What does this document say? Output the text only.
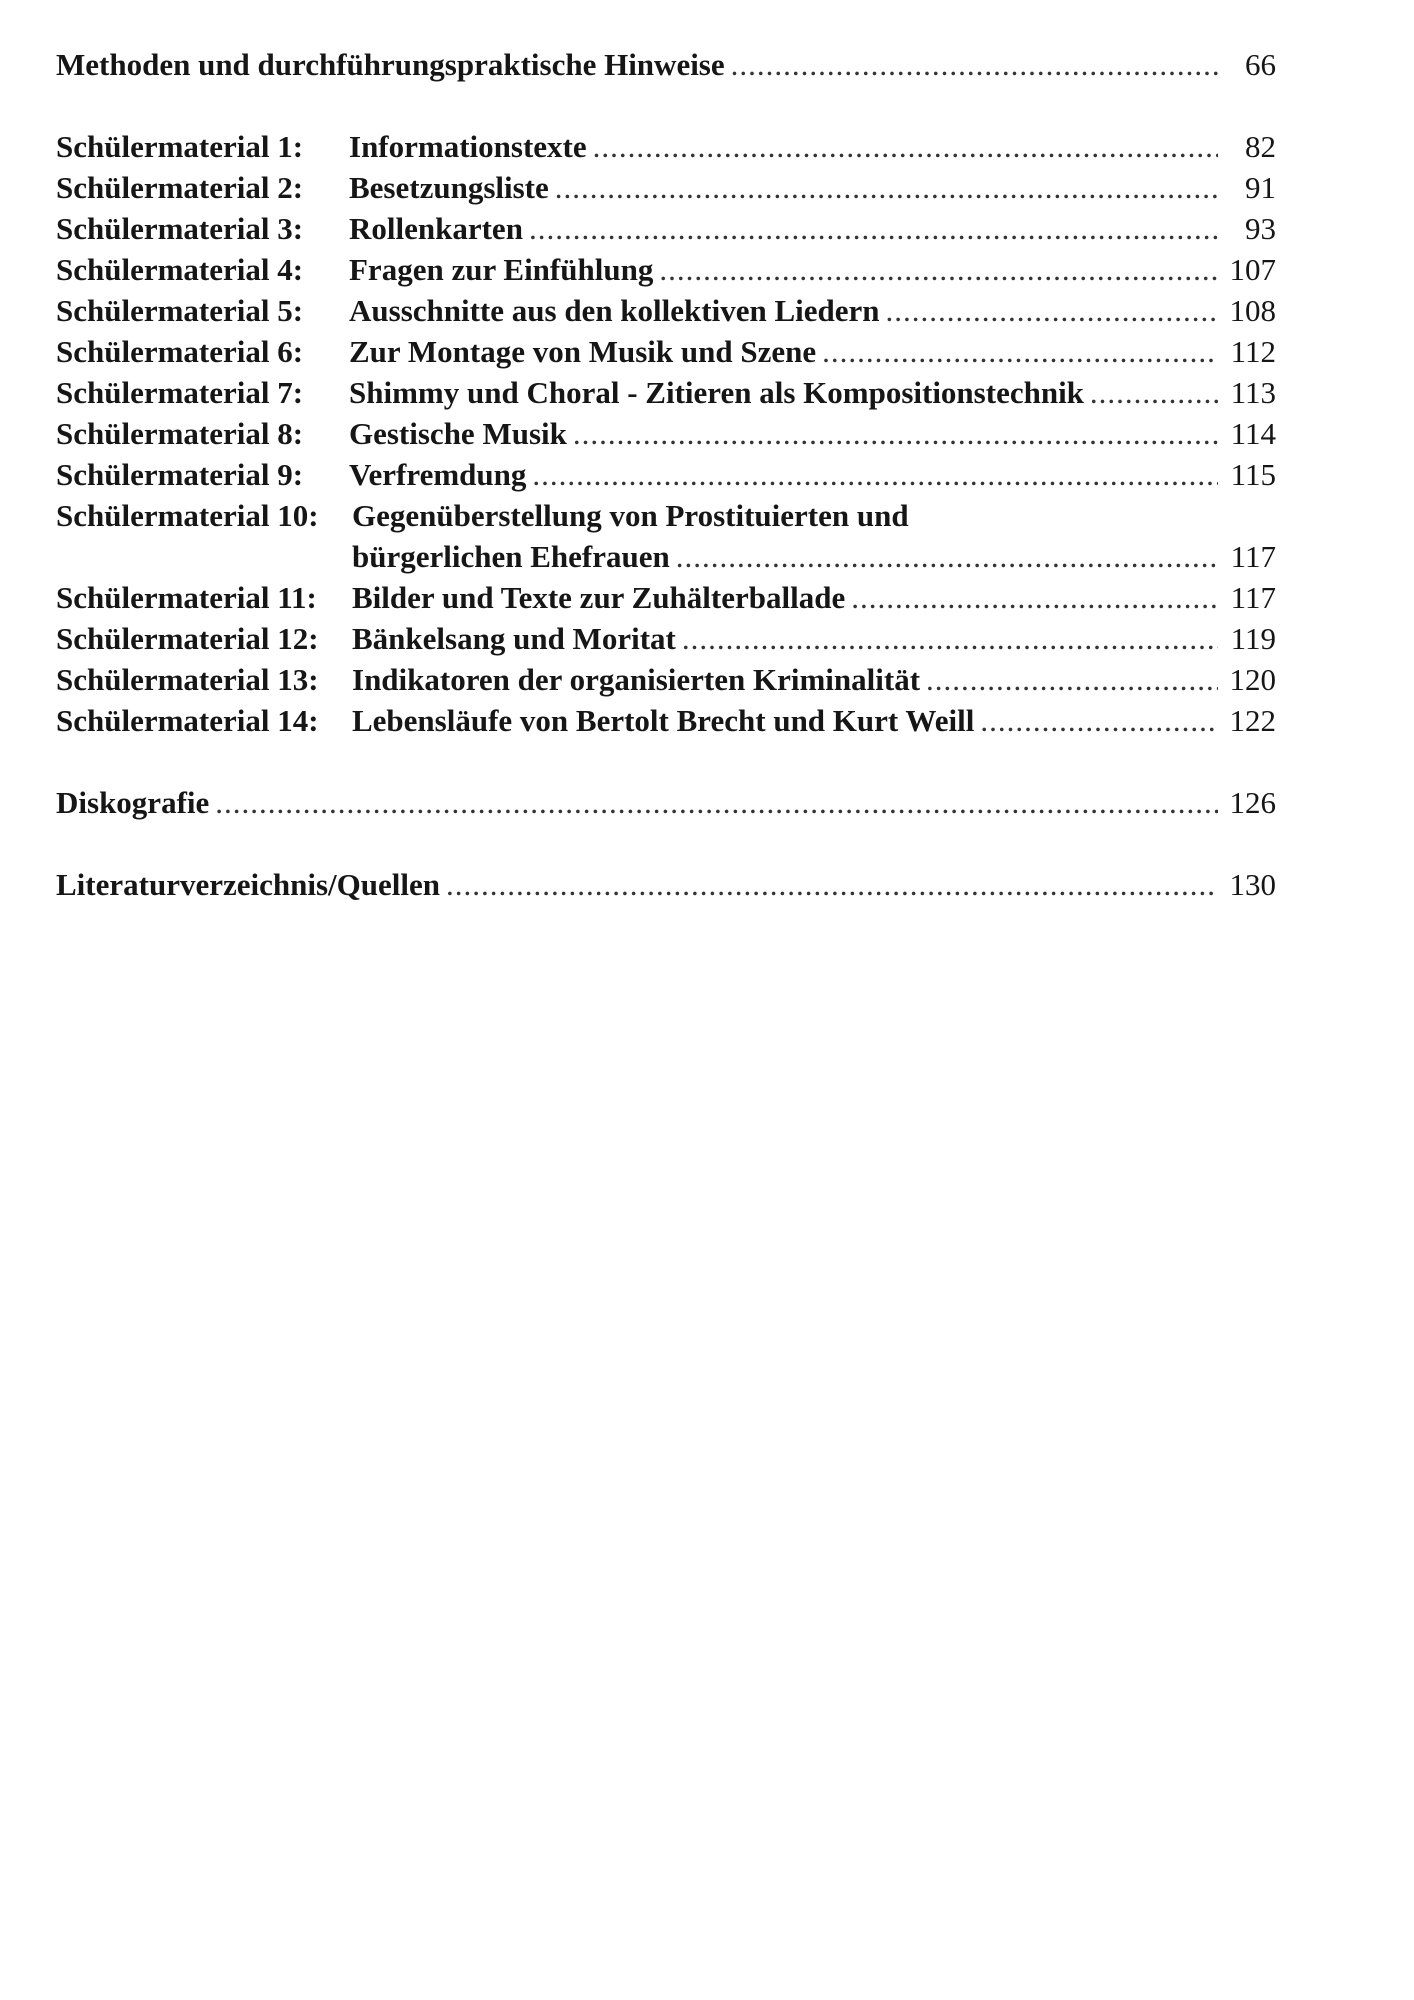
Methoden und durchführungspraktische Hinweise .....	66
Schülermaterial 1:	Informationstexte .....	82
Schülermaterial 2:	Besetzungsliste .....	91
Schülermaterial 3:	Rollenkarten .....	93
Schülermaterial 4:	Fragen zur Einfühlung .....	107
Schülermaterial 5:	Ausschnitte aus den kollektiven Liedern .....	108
Schülermaterial 6:	Zur Montage von Musik und Szene .....	112
Schülermaterial 7:	Shimmy und Choral - Zitieren als Kompositionstechnik .....	113
Schülermaterial 8:	Gestische Musik .....	114
Schülermaterial 9:	Verfremdung .....	115
Schülermaterial 10:	Gegenüberstellung von Prostituierten und
bürgerlichen Ehefrauen .....	117
Schülermaterial 11:	Bilder und Texte zur Zuhälterballade .....	117
Schülermaterial 12:	Bänkelsang und Moritat .....	119
Schülermaterial 13:	Indikatoren der organisierten Kriminalität .....	120
Schülermaterial 14:	Lebensläufe von Bertolt Brecht und Kurt Weill .....	122
Diskografie .....	126
Literaturverzeichnis/Quellen .....	130
